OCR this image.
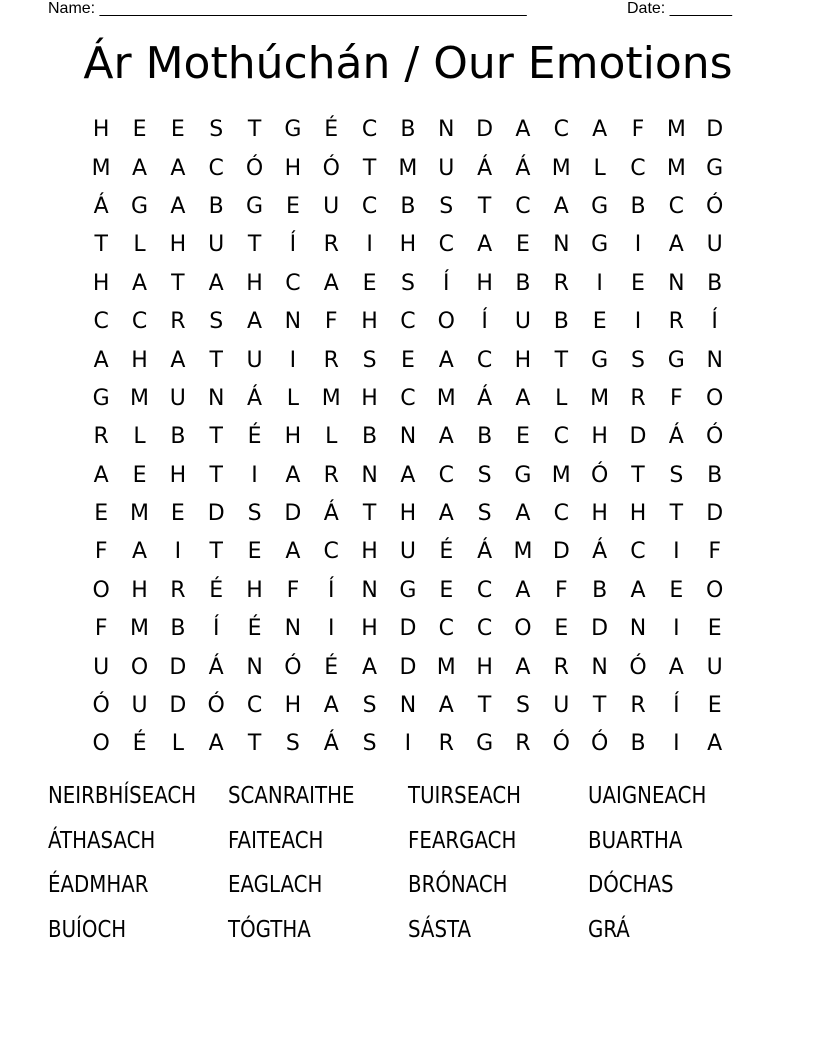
Name: ________________________________________________	Date: _______
Ár Mothúchán / Our Emotions
H	E	E	S	T	G	É	C	B	N D	A	C	A	F	M D
M A	A	C Ó H Ó	T	M U	Á	Á M	L	C M G
Á	G	A	B	G	E	U	C	B	S	T	C	A	G	B	C Ó
T	L	H	U	T	Í	R	I	H	C	A	E	N G	I	A	U
H	A	T	A	H	C	A	E	S	Í	H	B	R	I	E	N	B
C	C	R	S	A	N	F	H	C O	Í	U	B	E	I	R	Í
A	H	A	T	U	I	R	S	E	A	C	H	T	G	S	G N
G M U	N	Á	L	M H	C M Á	A	L	M R	F	O
R	L	B	T	É	H	L	B	N	A	B	E	C	H D	Á	Ó
A	E	H	T	I	A	R	N	A	C	S	G M Ó	T	S	B
E M E	D	S	D	Á	T	H	A	S	A	C	H H	T	D
F	A	I	T	E	A	C	H	U	É	Á M D	Á	C	I	F
O H	R	É	H	F	Í	N G	E	C	A	F	B	A	E	O
F	M B	Í	É	N	I	H D	C	C O	E	D N	I	E
U O D	Á	N Ó	É	A	D M H	A	R	N Ó	A	U
Ó U D Ó	C	H	A	S	N	A	T	S	U	T	R	Í	E
O	É	L	A	T	S	Á	S	I	R	G	R	Ó Ó	B	I	A
NEIRBHÍSEACH SCANRAITHE	TUIRSEACH	UAIGNEACH
ÁTHASACH	FAITEACH	FEARGACH	BUARTHA
ÉADMHAR	EAGLACH	BRÓNACH	DÓCHAS
BUÍOCH	TÓGTHA	SÁSTA	GRÁ
